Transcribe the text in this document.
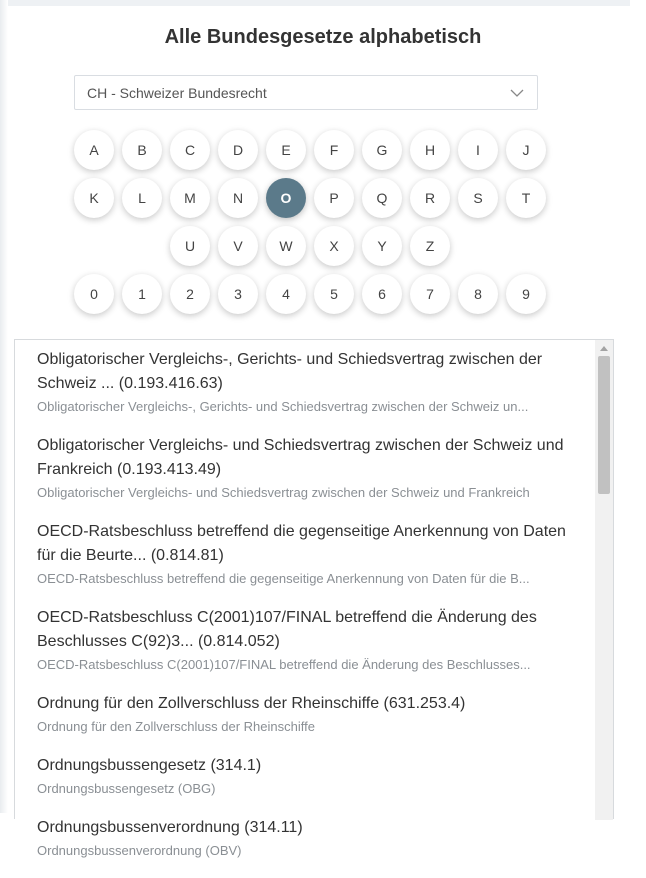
Alle Bundesgesetze alphabetisch
CH - Schweizer Bundesrecht
A	B	C	D	E	F	G	H	I	J
K	L	M	N	O	P	Q	R	S	T
U	V	W	X	Y	Z
0	1	2	3	4	5	6	7	8	9
Obligatorischer Vergleichs-, Gerichts- und Schiedsvertrag zwischen der Schweiz ... (0.193.416.63)
Obligatorischer Vergleichs-, Gerichts- und Schiedsvertrag zwischen der Schweiz un...
Obligatorischer Vergleichs- und Schiedsvertrag zwischen der Schweiz und Frankreich (0.193.413.49)
Obligatorischer Vergleichs- und Schiedsvertrag zwischen der Schweiz und Frankreich
OECD-Ratsbeschluss betreffend die gegenseitige Anerkennung von Daten für die Beurte... (0.814.81)
OECD-Ratsbeschluss betreffend die gegenseitige Anerkennung von Daten für die B...
OECD-Ratsbeschluss C(2001)107/FINAL betreffend die Änderung des Beschlusses C(92)3... (0.814.052)
OECD-Ratsbeschluss C(2001)107/FINAL betreffend die Änderung des Beschlusses...
Ordnung für den Zollverschluss der Rheinschiffe (631.253.4)
Ordnung für den Zollverschluss der Rheinschiffe
Ordnungsbussengesetz (314.1)
Ordnungsbussengesetz (OBG)
Ordnungsbussenverordnung (314.11)
Ordnungsbussenverordnung (OBV)
